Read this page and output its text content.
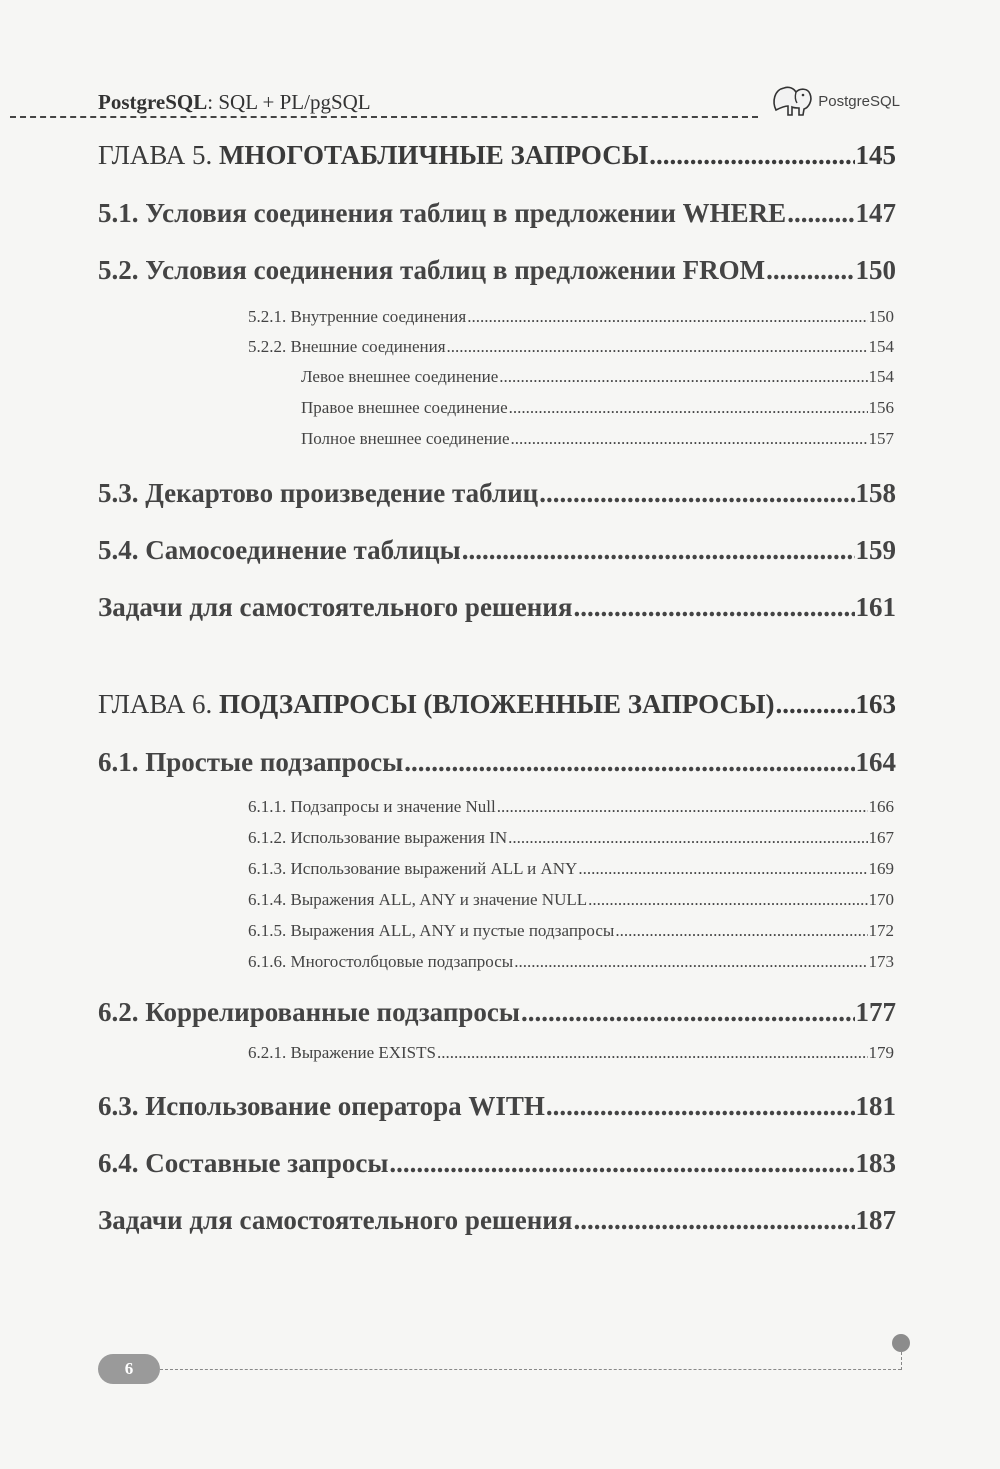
PostgreSQL: SQL + PL/pgSQL	PostgreSQL
ГЛАВА 5.
МНОГОТАБЛИЧНЫЕ ЗАПРОСЫ .....	145
5.1. Условия соединения таблиц в предложении WHERE .....	147
5.2. Условия соединения таблиц в предложении FROM .....	150
5.2.1. Внутренние соединения .....	150
5.2.2. Внешние соединения .....	154
Левое внешнее соединение .....	154
Правое внешнее соединение .....	156
Полное внешнее соединение .....	157
5.3. Декартово произведение таблиц .....	158
5.4. Самосоединение таблицы .....	159
Задачи для самостоятельного решения .....	161
ГЛАВА 6.
ПОДЗАПРОСЫ (ВЛОЖЕННЫЕ ЗАПРОСЫ) .....	163
6.1. Простые подзапросы .....	164
6.1.1. Подзапросы и значение Null .....	166
6.1.2. Использование выражения IN .....	167
6.1.3. Использование выражений ALL и ANY .....	169
6.1.4. Выражения ALL, ANY и значение NULL .....	170
6.1.5. Выражения ALL, ANY и пустые подзапросы .....	172
6.1.6. Многостолбцовые подзапросы .....	173
6.2. Коррелированные подзапросы .....	177
6.2.1. Выражение EXISTS .....	179
6.3. Использование оператора WITH .....	181
6.4. Составные запросы .....	183
Задачи для самостоятельного решения .....	187
6
